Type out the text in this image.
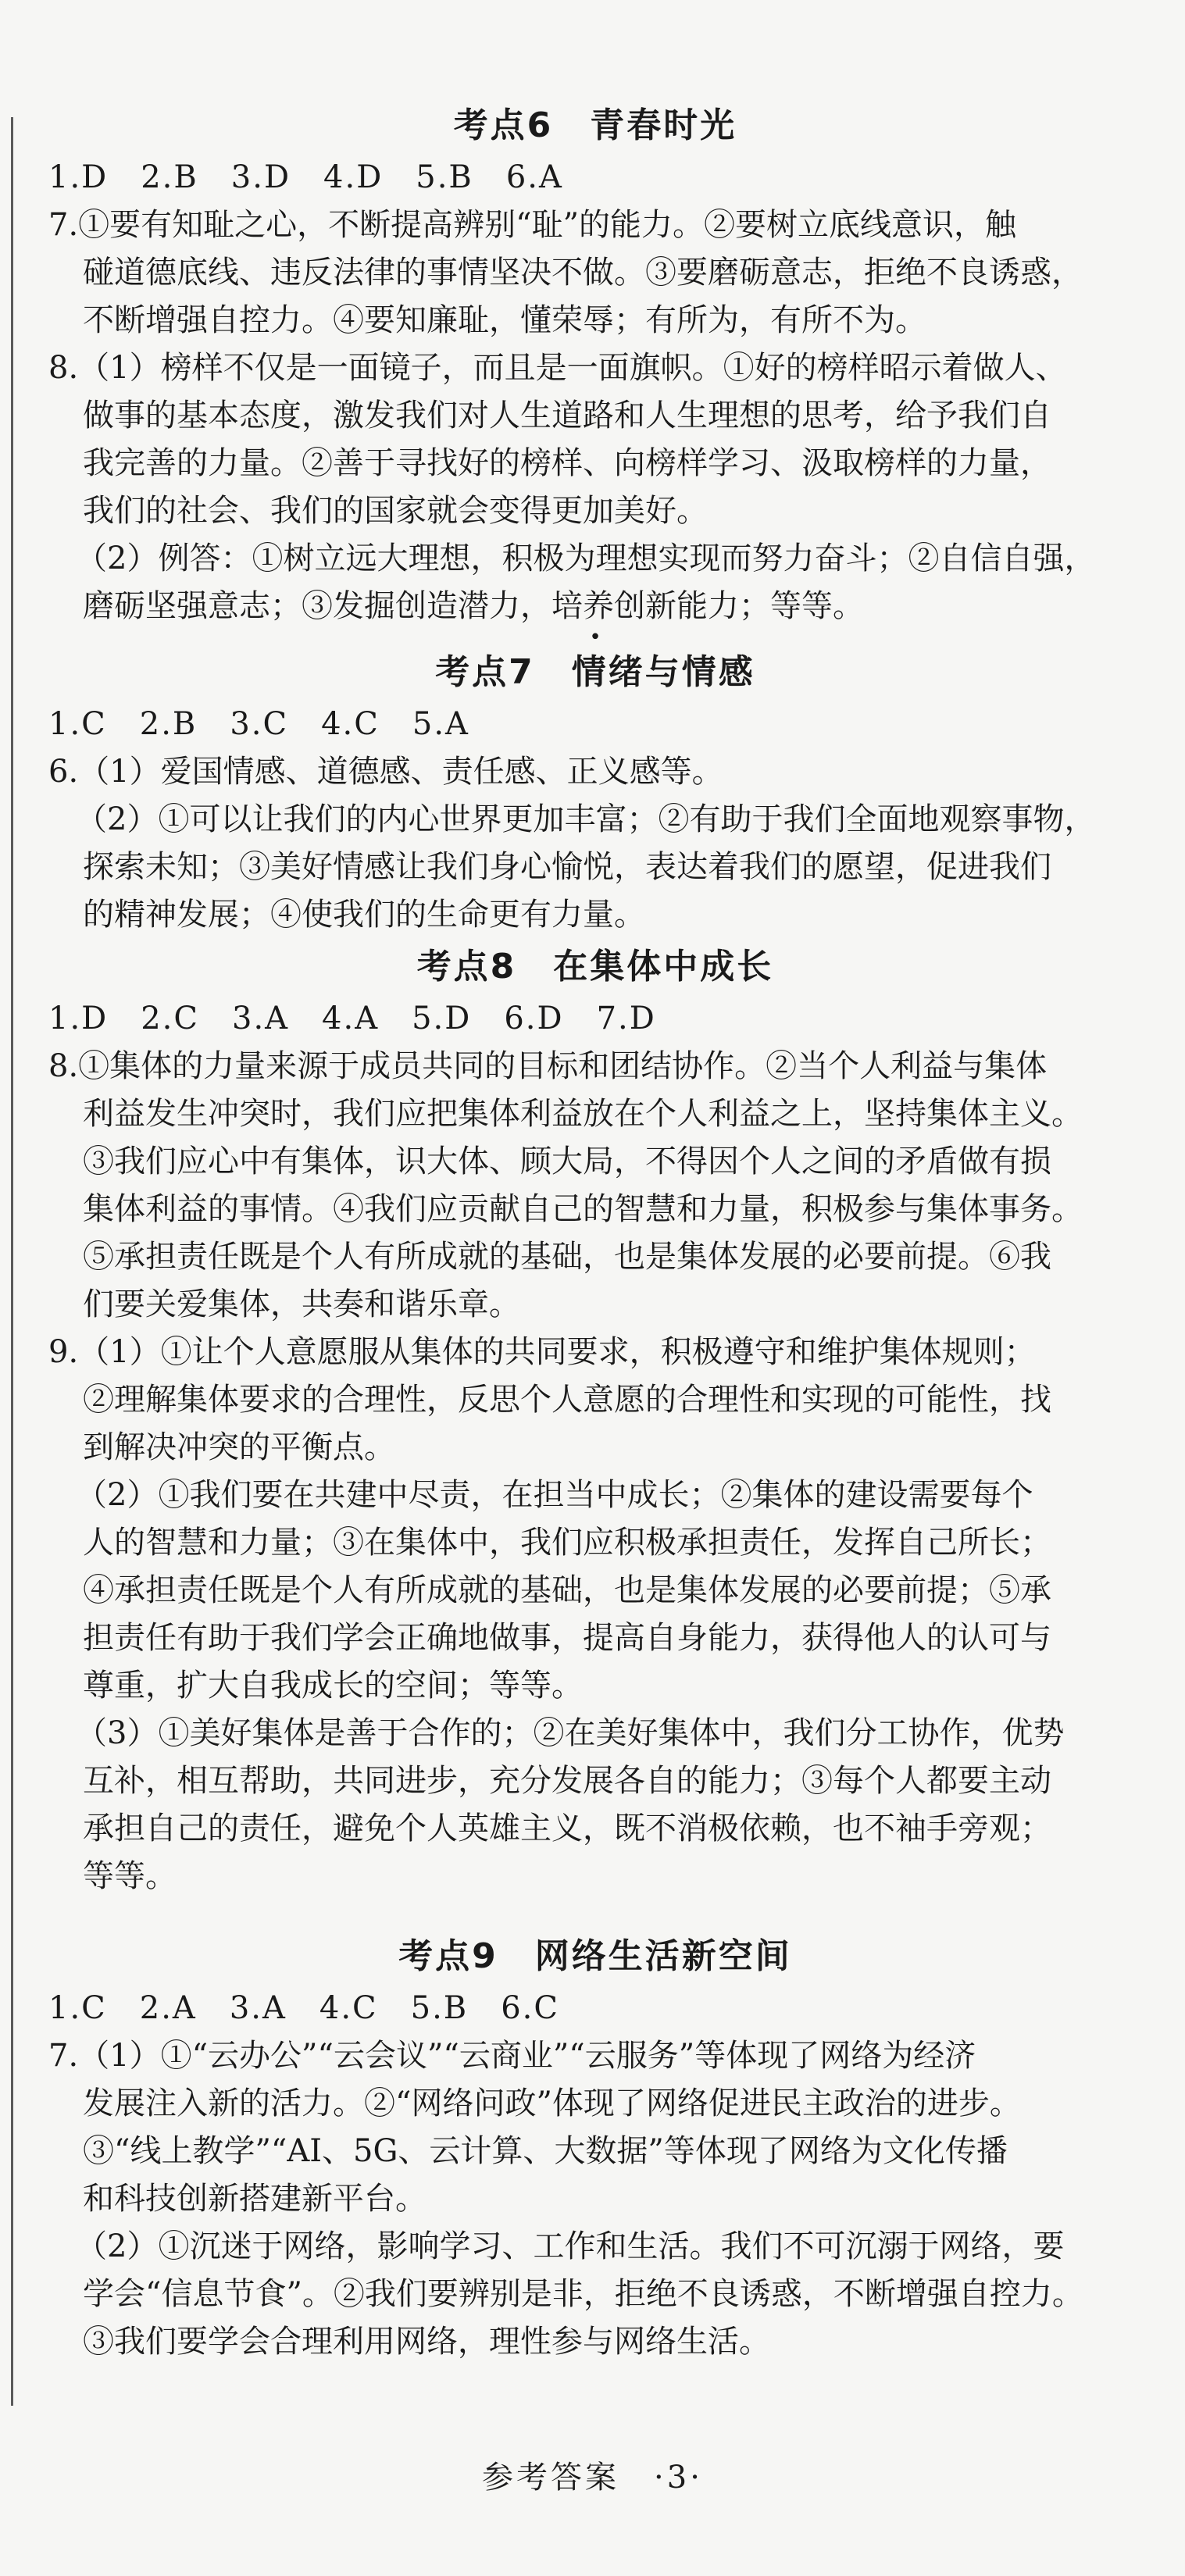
考点6　青春时光
1.D　2.B　3.D　4.D　5.B　6.A
7.①要有知耻之心，不断提高辨别“耻”的能力。②要树立底线意识，触
碰道德底线、违反法律的事情坚决不做。③要磨砺意志，拒绝不良诱惑，
不断增强自控力。④要知廉耻，懂荣辱；有所为，有所不为。
8.（1）榜样不仅是一面镜子，而且是一面旗帜。①好的榜样昭示着做人、
做事的基本态度，激发我们对人生道路和人生理想的思考，给予我们自
我完善的力量。②善于寻找好的榜样、向榜样学习、汲取榜样的力量，
我们的社会、我们的国家就会变得更加美好。
（2）例答：①树立远大理想，积极为理想实现而努力奋斗；②自信自强，
磨砺坚强意志；③发掘创造潜力，培养创新能力；等等。
•
考点7　情绪与情感
1.C　2.B　3.C　4.C　5.A
6.（1）爱国情感、道德感、责任感、正义感等。
（2）①可以让我们的内心世界更加丰富；②有助于我们全面地观察事物，
探索未知；③美好情感让我们身心愉悦，表达着我们的愿望，促进我们
的精神发展；④使我们的生命更有力量。
考点8　在集体中成长
1.D　2.C　3.A　4.A　5.D　6.D　7.D
8.①集体的力量来源于成员共同的目标和团结协作。②当个人利益与集体
利益发生冲突时，我们应把集体利益放在个人利益之上，坚持集体主义。
③我们应心中有集体，识大体、顾大局，不得因个人之间的矛盾做有损
集体利益的事情。④我们应贡献自己的智慧和力量，积极参与集体事务。
⑤承担责任既是个人有所成就的基础，也是集体发展的必要前提。⑥我
们要关爱集体，共奏和谐乐章。
9.（1）①让个人意愿服从集体的共同要求，积极遵守和维护集体规则；
②理解集体要求的合理性，反思个人意愿的合理性和实现的可能性，找
到解决冲突的平衡点。
（2）①我们要在共建中尽责，在担当中成长；②集体的建设需要每个
人的智慧和力量；③在集体中，我们应积极承担责任，发挥自己所长；
④承担责任既是个人有所成就的基础，也是集体发展的必要前提；⑤承
担责任有助于我们学会正确地做事，提高自身能力，获得他人的认可与
尊重，扩大自我成长的空间；等等。
（3）①美好集体是善于合作的；②在美好集体中，我们分工协作，优势
互补，相互帮助，共同进步，充分发展各自的能力；③每个人都要主动
承担自己的责任，避免个人英雄主义，既不消极依赖，也不袖手旁观；
等等。
考点9　网络生活新空间
1.C　2.A　3.A　4.C　5.B　6.C
7.（1）①“云办公”“云会议”“云商业”“云服务”等体现了网络为经济
发展注入新的活力。②“网络问政”体现了网络促进民主政治的进步。
③“线上教学”“AI、5G、云计算、大数据”等体现了网络为文化传播
和科技创新搭建新平台。
（2）①沉迷于网络，影响学习、工作和生活。我们不可沉溺于网络，要
学会“信息节食”。②我们要辨别是非，拒绝不良诱惑，不断增强自控力。
③我们要学会合理利用网络，理性参与网络生活。
参考答案　·3·
